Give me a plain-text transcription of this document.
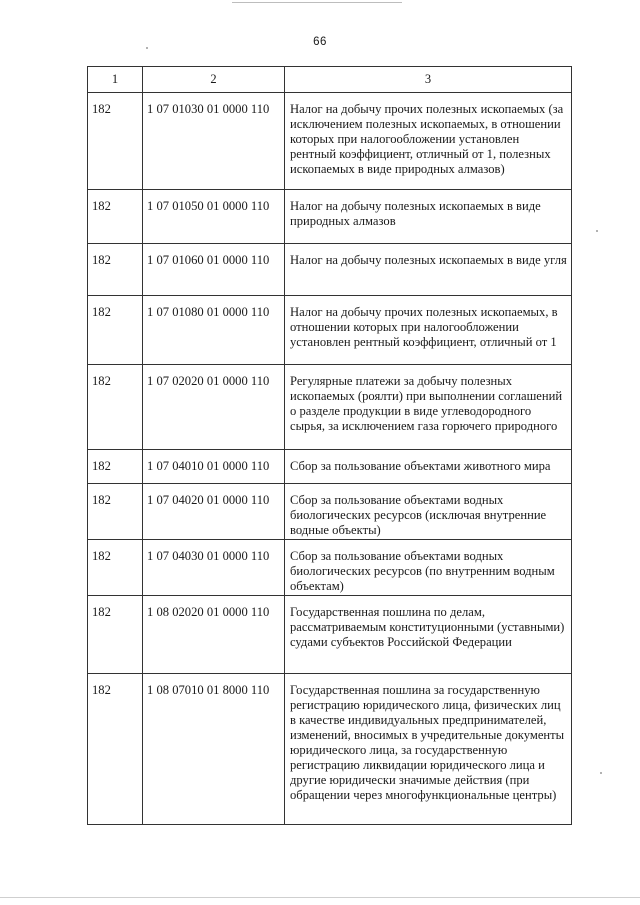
66
1	2	3
182	1 07 01030 01 0000 110	Налог на добычу прочих полезных ископаемых (за исключением полезных ископаемых, в отношении которых при налогообложении установлен рентный коэффициент, отличный от 1, полезных ископаемых в виде природных алмазов)
182	1 07 01050 01 0000 110	Налог на добычу полезных ископаемых в виде природных алмазов
182	1 07 01060 01 0000 110	Налог на добычу полезных ископаемых в виде угля
182	1 07 01080 01 0000 110	Налог на добычу прочих полезных ископаемых, в отношении которых при налогообложении установлен рентный коэффициент, отличный от 1
182	1 07 02020 01 0000 110	Регулярные платежи за добычу полезных ископаемых (роялти) при выполнении соглашений о разделе продукции в виде углеводородного сырья, за исключением газа горючего природного
182	1 07 04010 01 0000 110	Сбор за пользование объектами животного мира
182	1 07 04020 01 0000 110	Сбор за пользование объектами водных биологических ресурсов (исключая внутренние водные объекты)
182	1 07 04030 01 0000 110	Сбор за пользование объектами водных биологических ресурсов (по внутренним водным объектам)
182	1 08 02020 01 0000 110	Государственная пошлина по делам, рассматриваемым конституционными (уставными) судами субъектов Российской Федерации
182	1 08 07010 01 8000 110	Государственная пошлина за государственную регистрацию юридического лица, физических лиц в качестве индивидуальных предпринимателей, изменений, вносимых в учредительные документы юридического лица, за государственную регистрацию ликвидации юридического лица и другие юридически значимые действия (при обращении через многофункциональные центры)
